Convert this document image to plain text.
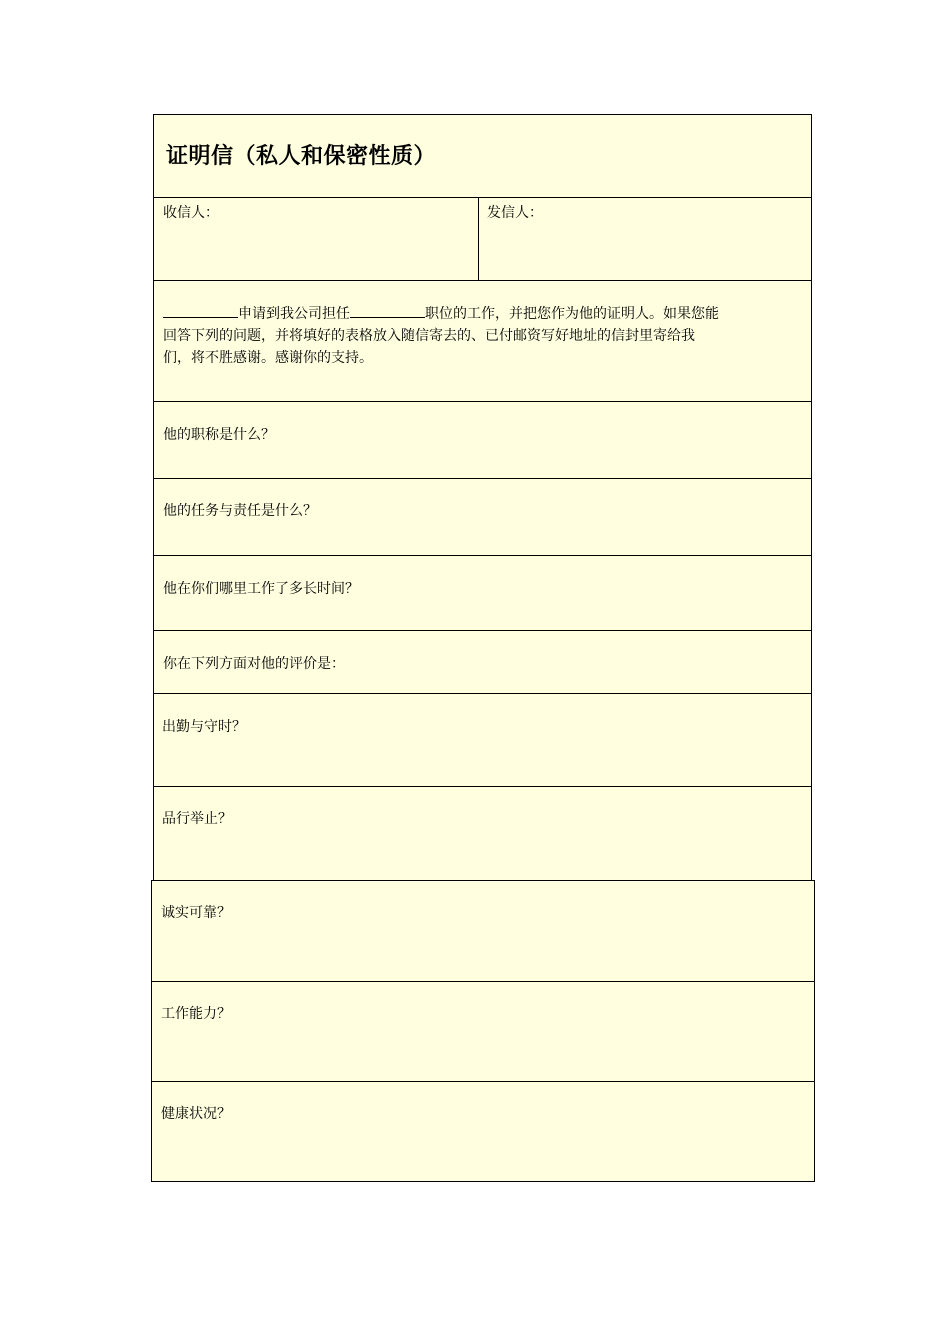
证明信（私人和保密性质）
收信人：	发信人：
申请到我公司担任	职位的工作，并把您作为他的证明人。如果您能
回答下列的问题，并将填好的表格放入随信寄去的、已付邮资写好地址的信封里寄给我
们，将不胜感谢。感谢你的支持。
他的职称是什么？
他的任务与责任是什么？
他在你们哪里工作了多长时间？
你在下列方面对他的评价是：
出勤与守时？
品行举止？
诚实可靠？
工作能力？
健康状况？
